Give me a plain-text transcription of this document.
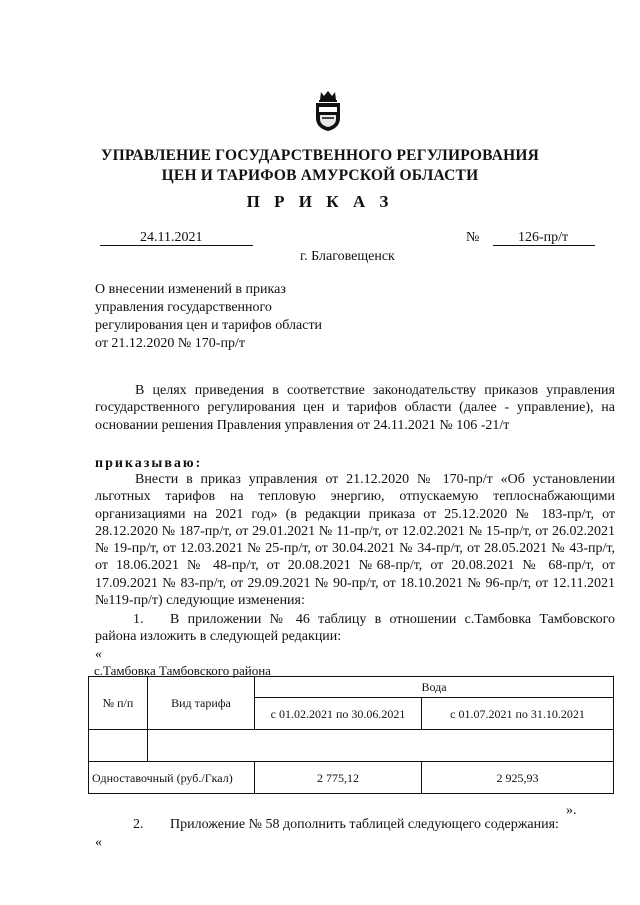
УПРАВЛЕНИЕ ГОСУДАРСТВЕННОГО РЕГУЛИРОВАНИЯ
ЦЕН И ТАРИФОВ АМУРСКОЙ ОБЛАСТИ
П Р И К А З
24.11.2021	№	126-пр/т
г. Благовещенск
О внесении изменений в приказ
управления государственного
регулирования цен и тарифов области
от 21.12.2020 № 170-пр/т
В целях приведения в соответствие законодательству приказов управления государственного регулирования цен и тарифов области (далее - управление), на основании решения Правления управления от 24.11.2021 № 106 -21/т
приказываю:
Внести в приказ управления от 21.12.2020 № 170-пр/т «Об установлении льготных тарифов на тепловую энергию, отпускаемую теплоснабжающими организациями на 2021 год» (в редакции приказа от 25.12.2020 № 183-пр/т, от 28.12.2020 № 187-пр/т, от 29.01.2021 № 11-пр/т, от 12.02.2021 № 15-пр/т, от 26.02.2021 № 19-пр/т, от 12.03.2021 № 25-пр/т, от 30.04.2021 № 34-пр/т, от 28.05.2021 № 43-пр/т, от 18.06.2021 № 48-пр/т, от 20.08.2021 №68-пр/т, от 20.08.2021 № 68-пр/т, от 17.09.2021 № 83-пр/т, от 29.09.2021 № 90-пр/т, от 18.10.2021 № 96-пр/т, от 12.11.2021 №119-пр/т) следующие изменения:
1.	В приложении № 46 таблицу в отношении с.Тамбовка Тамбовского района изложить в следующей редакции:
«
с.Тамбовка Тамбовского района
№ п/п	Вид тарифа	Вода	
		с 01.02.2021 по 30.06.2021	с 01.07.2021 по 31.10.2021

Одноставочный (руб./Гкал)		2 775,12	2 925,93
».
2. Приложение № 58 дополнить таблицей следующего содержания:
«
